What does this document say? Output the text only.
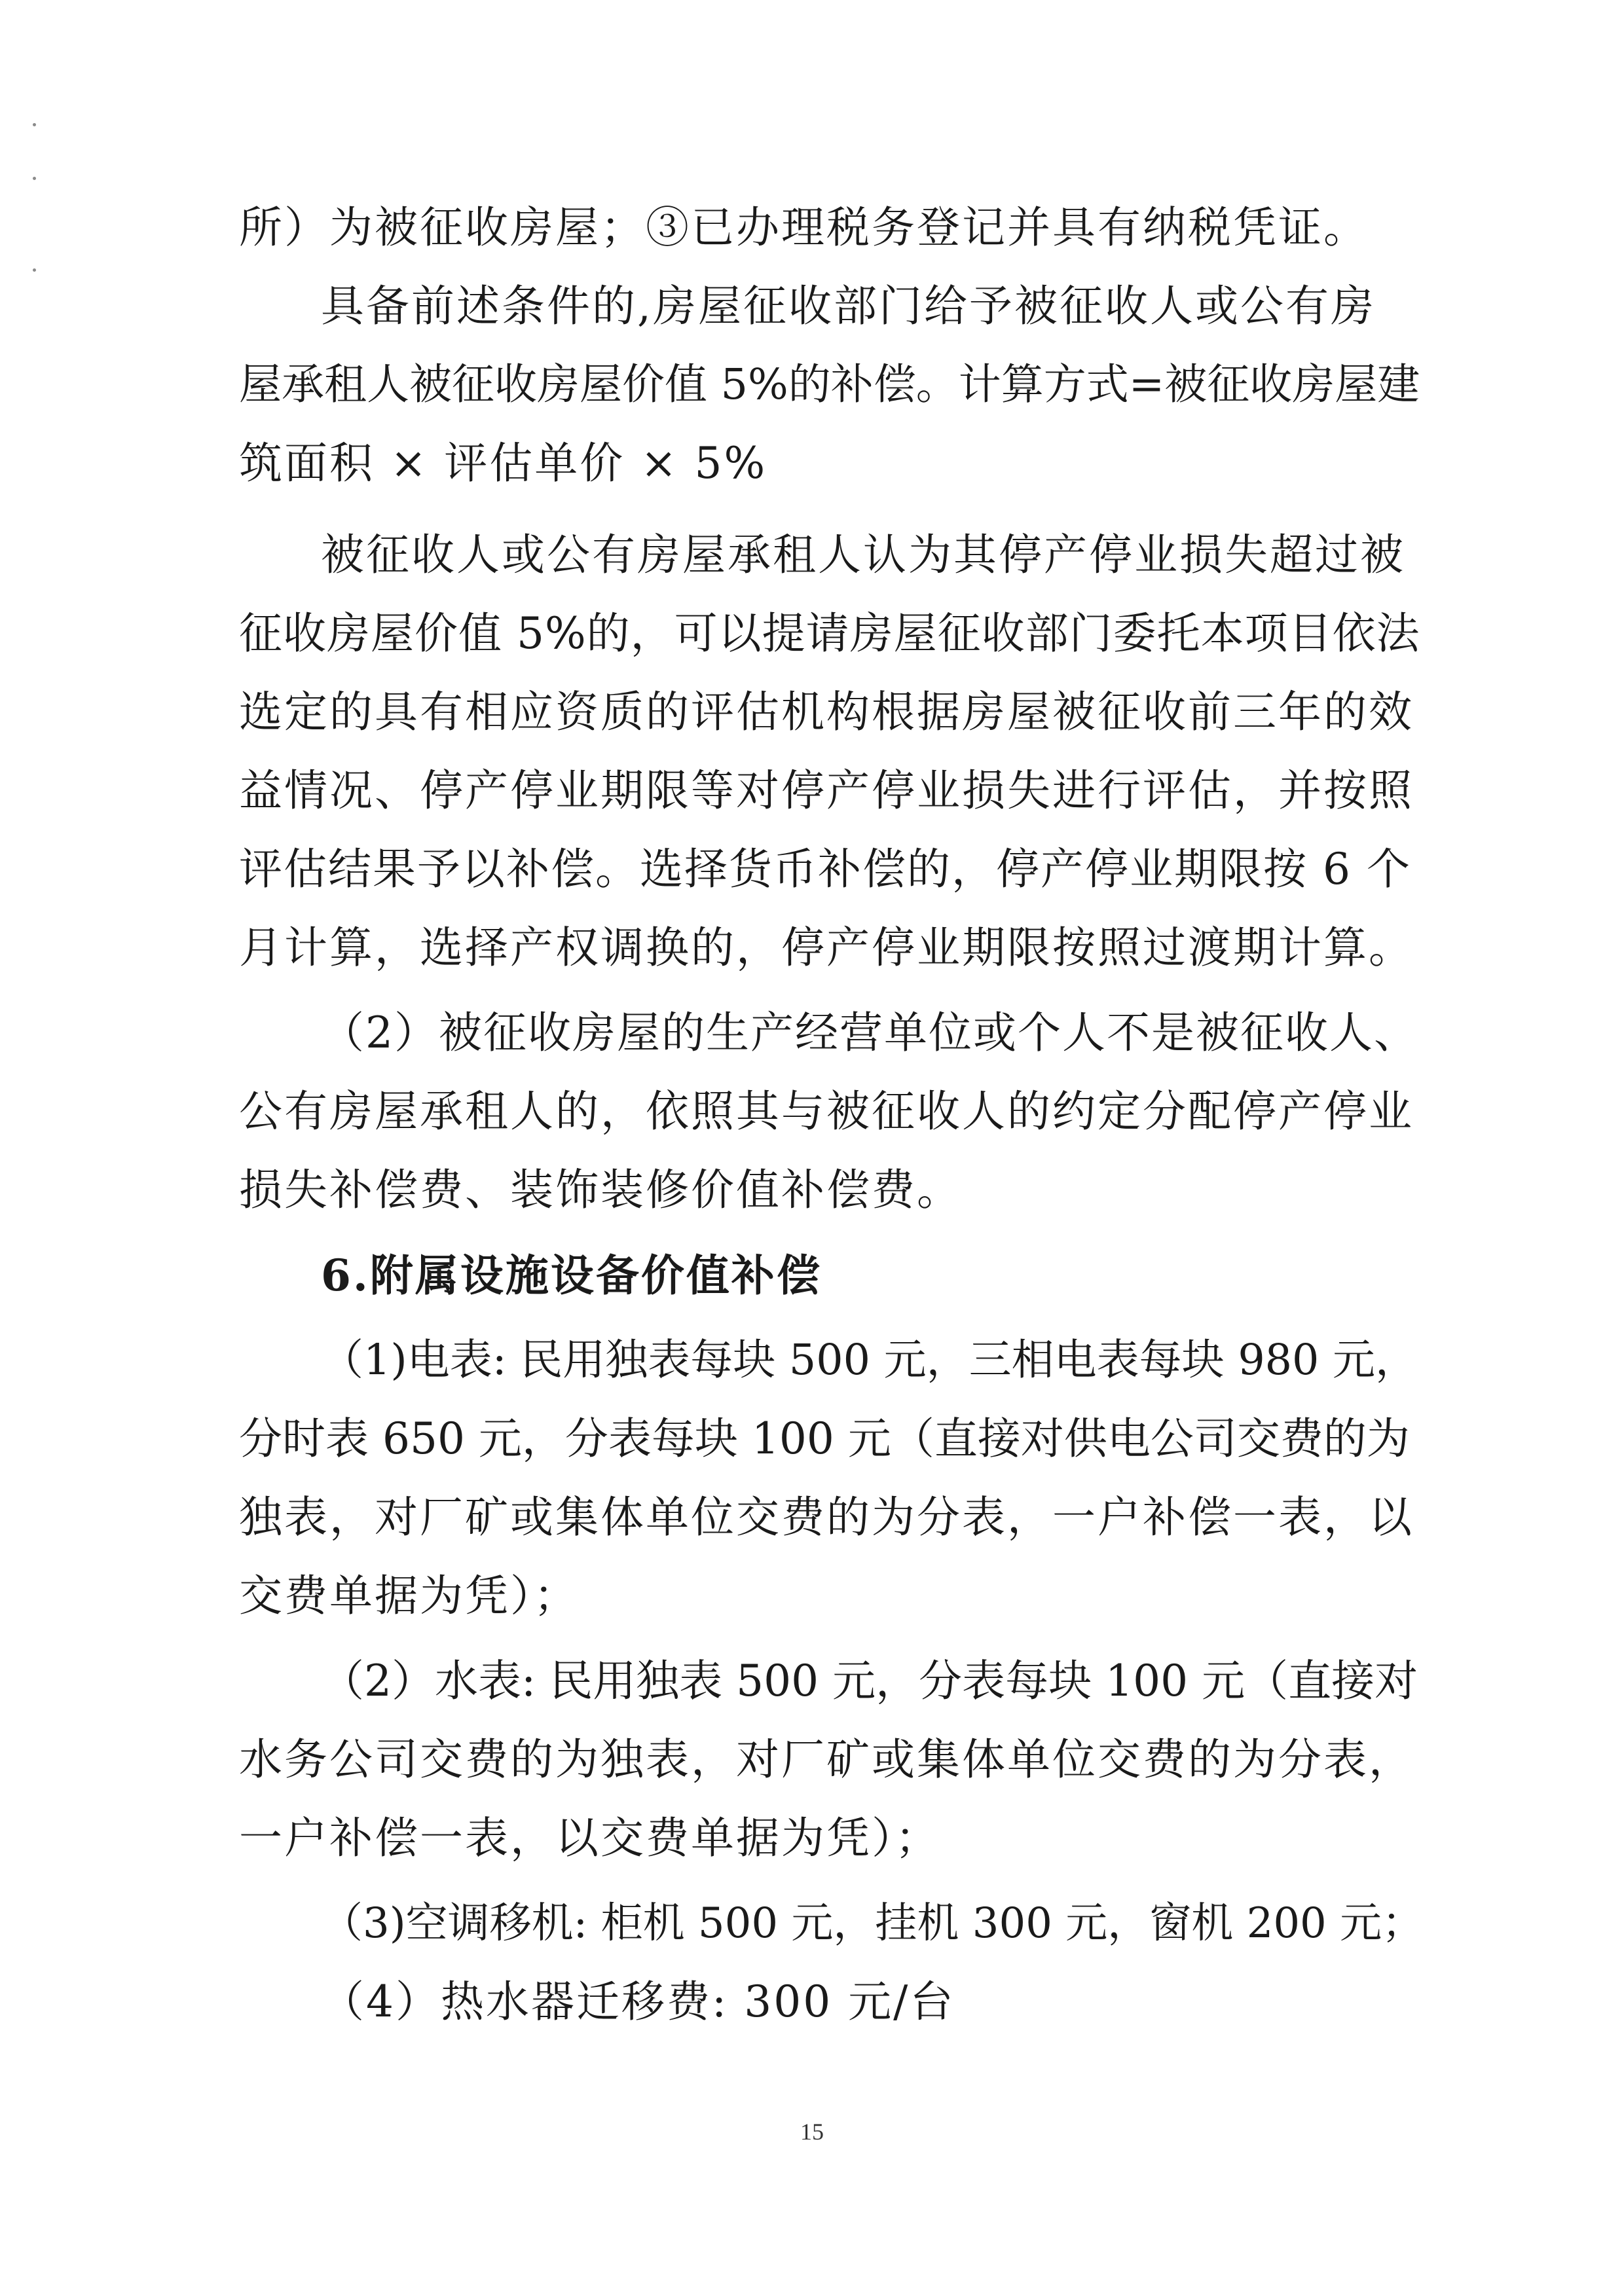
所）为被征收房屋；③已办理税务登记并具有纳税凭证。
具备前述条件的,房屋征收部门给予被征收人或公有房
屋承租人被征收房屋价值 5%的补偿。计算方式=被征收房屋建
筑面积 × 评估单价 × 5%
被征收人或公有房屋承租人认为其停产停业损失超过被
征收房屋价值 5%的，可以提请房屋征收部门委托本项目依法
选定的具有相应资质的评估机构根据房屋被征收前三年的效
益情况、停产停业期限等对停产停业损失进行评估，并按照
评估结果予以补偿。选择货币补偿的，停产停业期限按 6 个
月计算，选择产权调换的，停产停业期限按照过渡期计算。
（2）被征收房屋的生产经营单位或个人不是被征收人、
公有房屋承租人的，依照其与被征收人的约定分配停产停业
损失补偿费、装饰装修价值补偿费。
6.附属设施设备价值补偿
（1)电表: 民用独表每块 500 元，三相电表每块 980 元，
分时表 650 元，分表每块 100 元（直接对供电公司交费的为
独表，对厂矿或集体单位交费的为分表，一户补偿一表，以
交费单据为凭）；
（2）水表: 民用独表 500 元，分表每块 100 元（直接对
水务公司交费的为独表，对厂矿或集体单位交费的为分表，
一户补偿一表，以交费单据为凭）；
（3)空调移机: 柜机 500 元，挂机 300 元，窗机 200 元；
（4）热水器迁移费: 300 元/台
15
